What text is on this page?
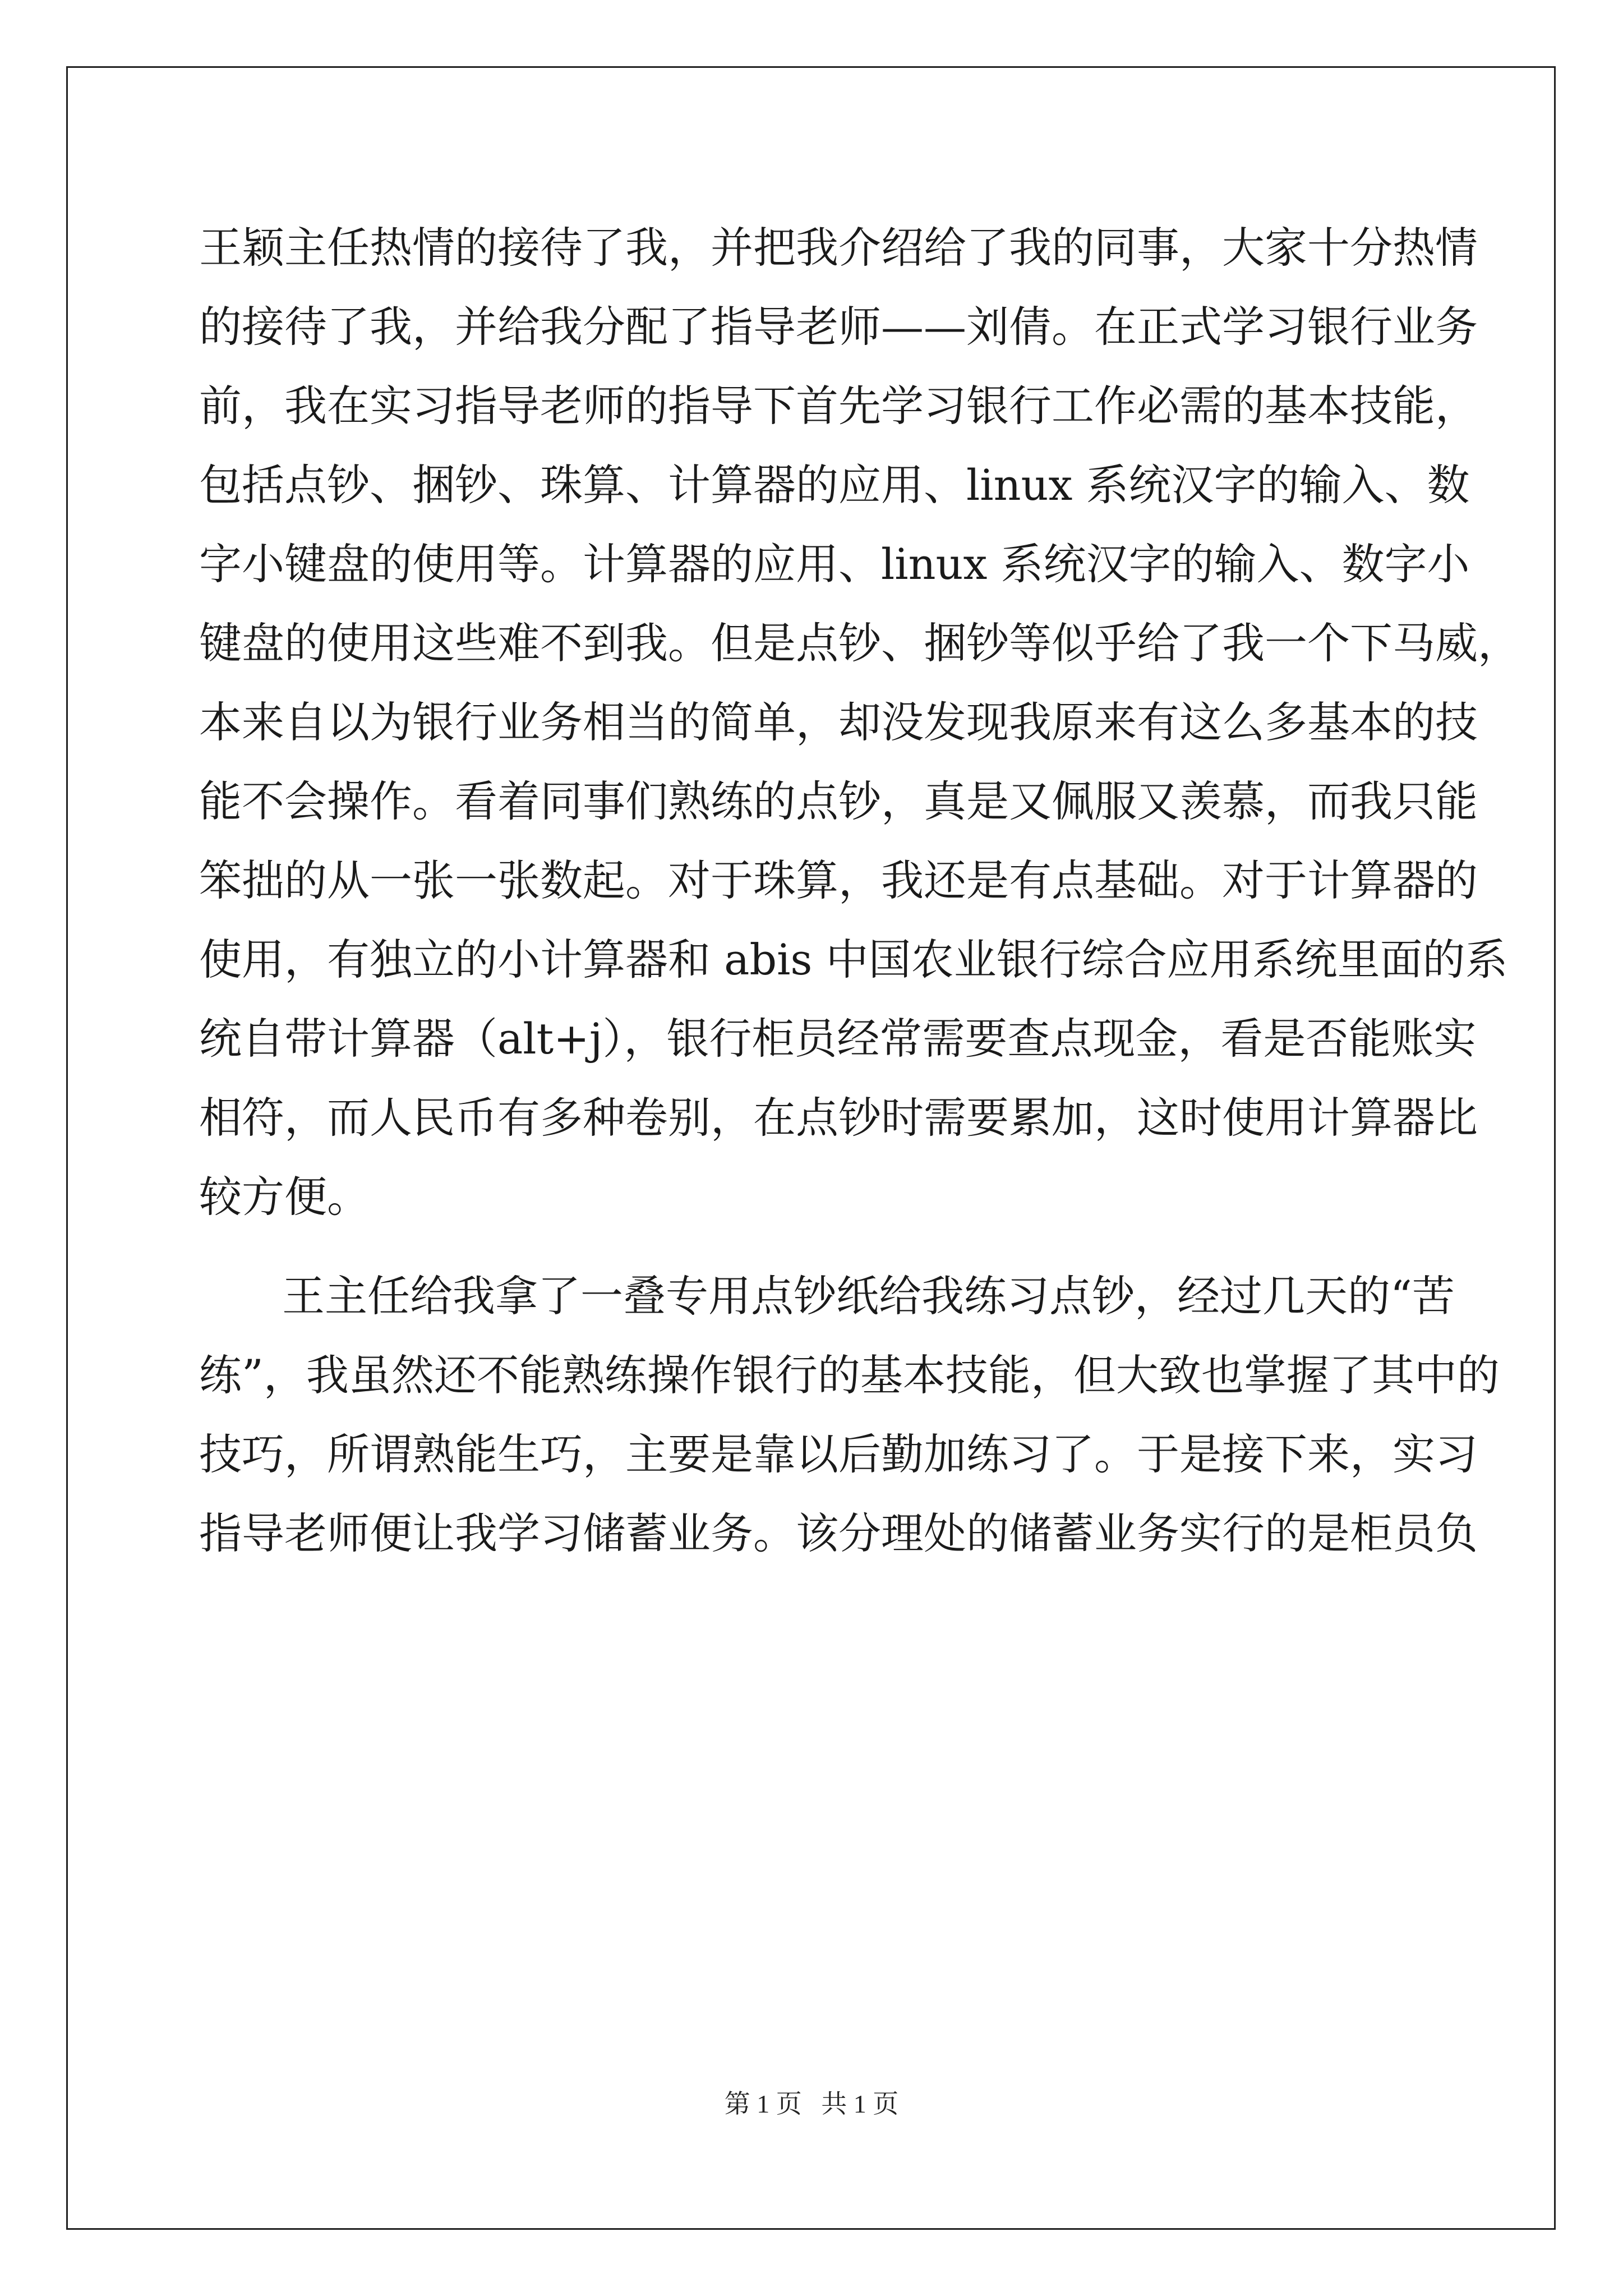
王颖主任热情的接待了我，并把我介绍给了我的同事，大家十分热情
的接待了我，并给我分配了指导老师——刘倩。在正式学习银行业务
前，我在实习指导老师的指导下首先学习银行工作必需的基本技能，
包括点钞、捆钞、珠算、计算器的应用、linux 系统汉字的输入、数
字小键盘的使用等。计算器的应用、linux 系统汉字的输入、数字小
键盘的使用这些难不到我。但是点钞、捆钞等似乎给了我一个下马威，
本来自以为银行业务相当的简单，却没发现我原来有这么多基本的技
能不会操作。看着同事们熟练的点钞，真是又佩服又羡慕，而我只能
笨拙的从一张一张数起。对于珠算，我还是有点基础。对于计算器的
使用，有独立的小计算器和 abis 中国农业银行综合应用系统里面的系
统自带计算器（alt+j），银行柜员经常需要查点现金，看是否能账实
相符，而人民币有多种卷别，在点钞时需要累加，这时使用计算器比
较方便。
王主任给我拿了一叠专用点钞纸给我练习点钞，经过几天的“苦
练”，我虽然还不能熟练操作银行的基本技能，但大致也掌握了其中的
技巧，所谓熟能生巧，主要是靠以后勤加练习了。于是接下来，实习
指导老师便让我学习储蓄业务。该分理处的储蓄业务实行的是柜员负
第 1 页 共 1 页
